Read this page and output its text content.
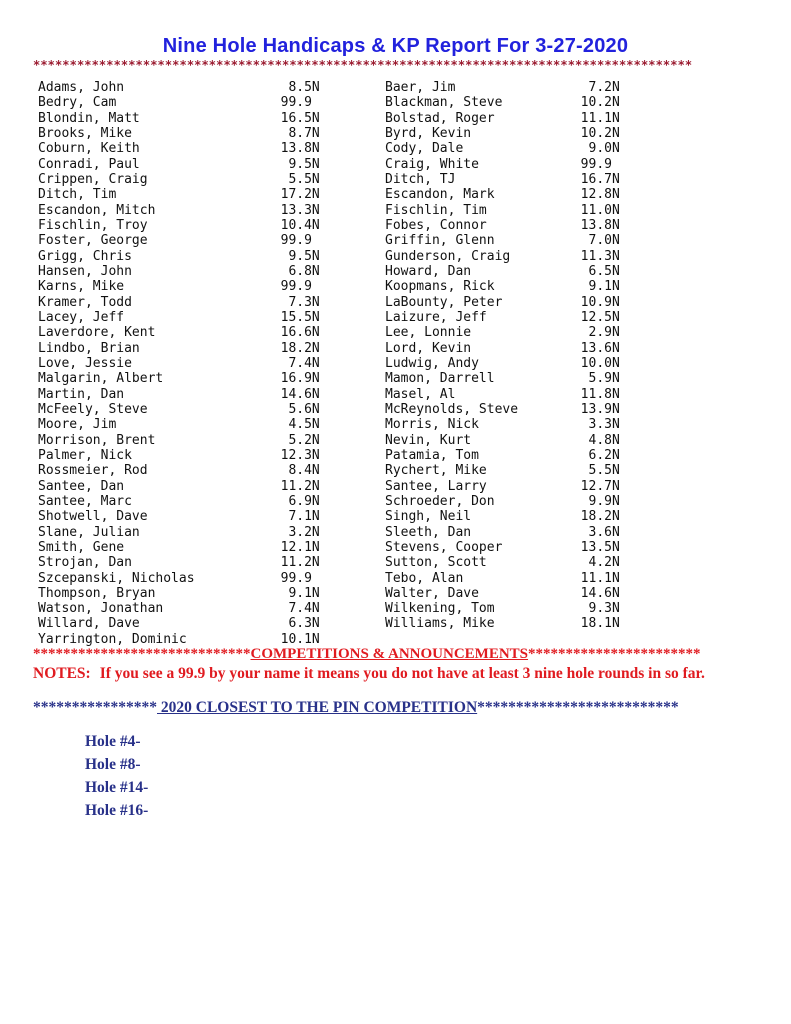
Nine Hole Handicaps & KP Report For 3-27-2020
******************************************************************************************
Adams, John                     8.5N
Bedry, Cam                     99.9
Blondin, Matt                  16.5N
Brooks, Mike                    8.7N
Coburn, Keith                  13.8N
Conradi, Paul                   9.5N
Crippen, Craig                  5.5N
Ditch, Tim                     17.2N
Escandon, Mitch                13.3N
Fischlin, Troy                 10.4N
Foster, George                 99.9
Grigg, Chris                    9.5N
Hansen, John                    6.8N
Karns, Mike                    99.9
Kramer, Todd                    7.3N
Lacey, Jeff                    15.5N
Laverdore, Kent                16.6N
Lindbo, Brian                  18.2N
Love, Jessie                    7.4N
Malgarin, Albert               16.9N
Martin, Dan                    14.6N
McFeely, Steve                  5.6N
Moore, Jim                      4.5N
Morrison, Brent                 5.2N
Palmer, Nick                   12.3N
Rossmeier, Rod                  8.4N
Santee, Dan                    11.2N
Santee, Marc                    6.9N
Shotwell, Dave                  7.1N
Slane, Julian                   3.2N
Smith, Gene                    12.1N
Strojan, Dan                   11.2N
Szcepanski, Nicholas           99.9
Thompson, Bryan                 9.1N
Watson, Jonathan                7.4N
Willard, Dave                   6.3N
Yarrington, Dominic            10.1N
Baer, Jim                 7.2N
Blackman, Steve          10.2N
Bolstad, Roger           11.1N
Byrd, Kevin              10.2N
Cody, Dale                9.0N
Craig, White             99.9
Ditch, TJ                16.7N
Escandon, Mark           12.8N
Fischlin, Tim            11.0N
Fobes, Connor            13.8N
Griffin, Glenn            7.0N
Gunderson, Craig         11.3N
Howard, Dan               6.5N
Koopmans, Rick            9.1N
LaBounty, Peter          10.9N
Laizure, Jeff            12.5N
Lee, Lonnie               2.9N
Lord, Kevin              13.6N
Ludwig, Andy             10.0N
Mamon, Darrell            5.9N
Masel, Al                11.8N
McReynolds, Steve        13.9N
Morris, Nick              3.3N
Nevin, Kurt               4.8N
Patamia, Tom              6.2N
Rychert, Mike             5.5N
Santee, Larry            12.7N
Schroeder, Don            9.9N
Singh, Neil              18.2N
Sleeth, Dan               3.6N
Stevens, Cooper          13.5N
Sutton, Scott             4.2N
Tebo, Alan               11.1N
Walter, Dave             14.6N
Wilkening, Tom            9.3N
Williams, Mike           18.1N
*****************************COMPETITIONS & ANNOUNCEMENTS***********************
NOTES: If you see a 99.9 by your name it means you do not have at least 3 nine hole rounds in so far.
**************** 2020 CLOSEST TO THE PIN COMPETITION**************************
Hole #4-
Hole #8-
Hole #14-
Hole #16-
